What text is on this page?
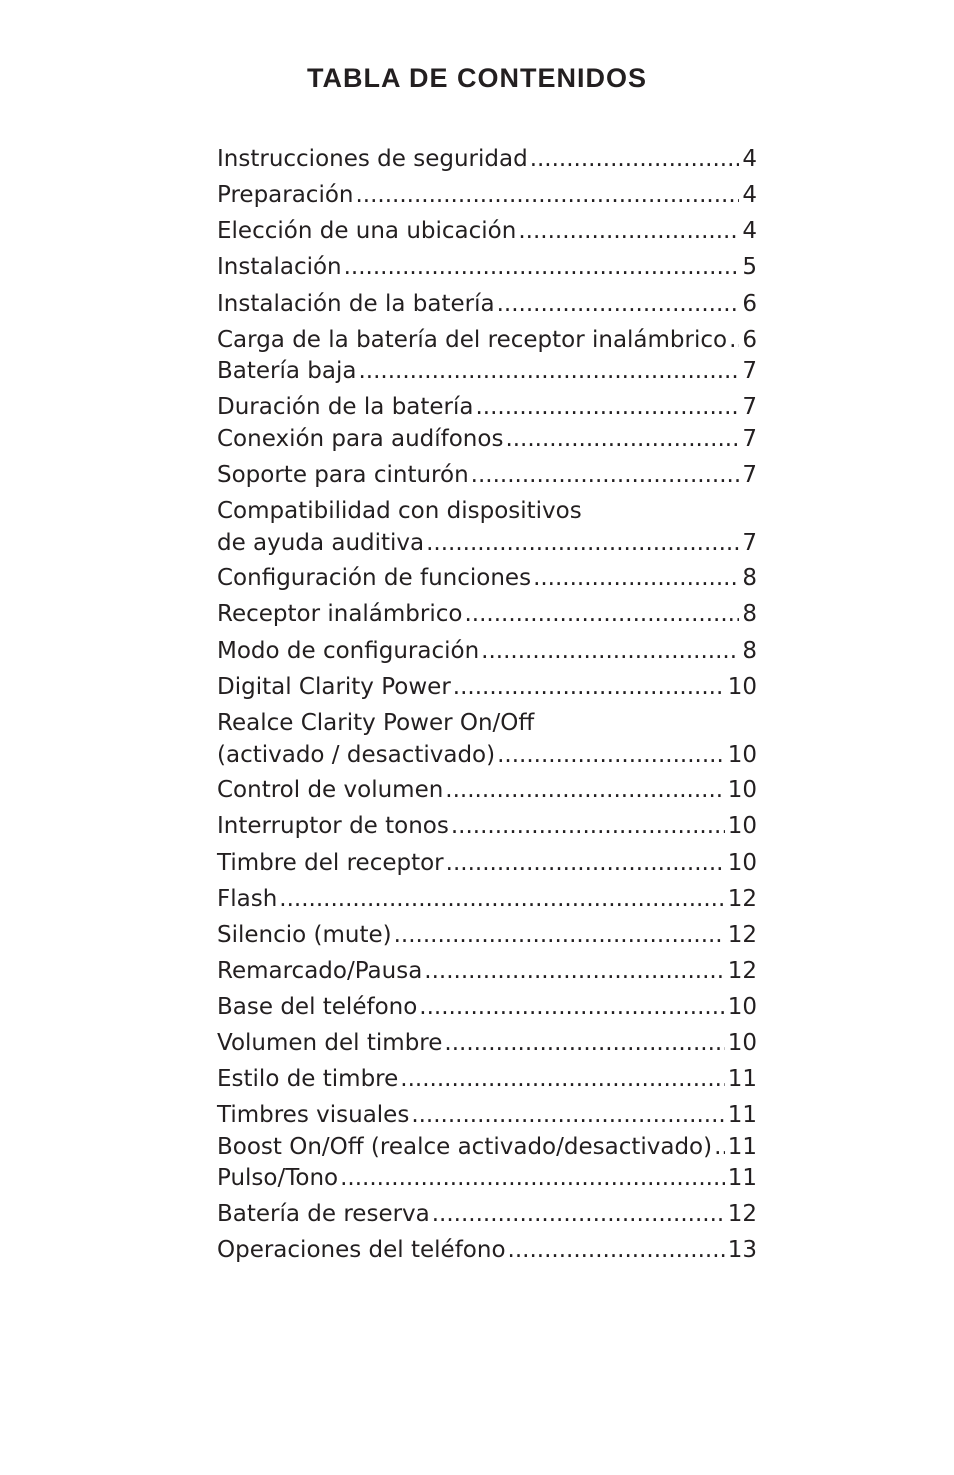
TABLA DE CONTENIDOS
Instrucciones de seguridad .....	4
Preparación .....	4
Elección de una ubicación .....	4
Instalación .....	5
Instalación de la batería .....	6
Carga de la batería del receptor inalámbrico ..... 6
Batería baja .....	7
Duración de la batería .....	7
Conexión para audífonos .....	7
Soporte para cinturón .....	7
Compatibilidad con dispositivos
de ayuda auditiva .....	7
Configuración de funciones .....	8
Receptor inalámbrico .....	8
Modo de configuración .....	8
Digital Clarity Power .....	10
Realce Clarity Power On/Off
(activado / desactivado) .....	10
Control de volumen .....	10
Interruptor de tonos .....	10
Timbre del receptor .....	10
Flash .....	12
Silencio (mute) .....	12
Remarcado/Pausa .....	12
Base del teléfono .....	10
Volumen del timbre .....	10
Estilo de timbre .....	11
Timbres visuales .....	11
Boost On/Off (realce activado/desactivado) ..... 11
Pulso/Tono .....	11
Batería de reserva .....	12
Operaciones del teléfono .....	13
